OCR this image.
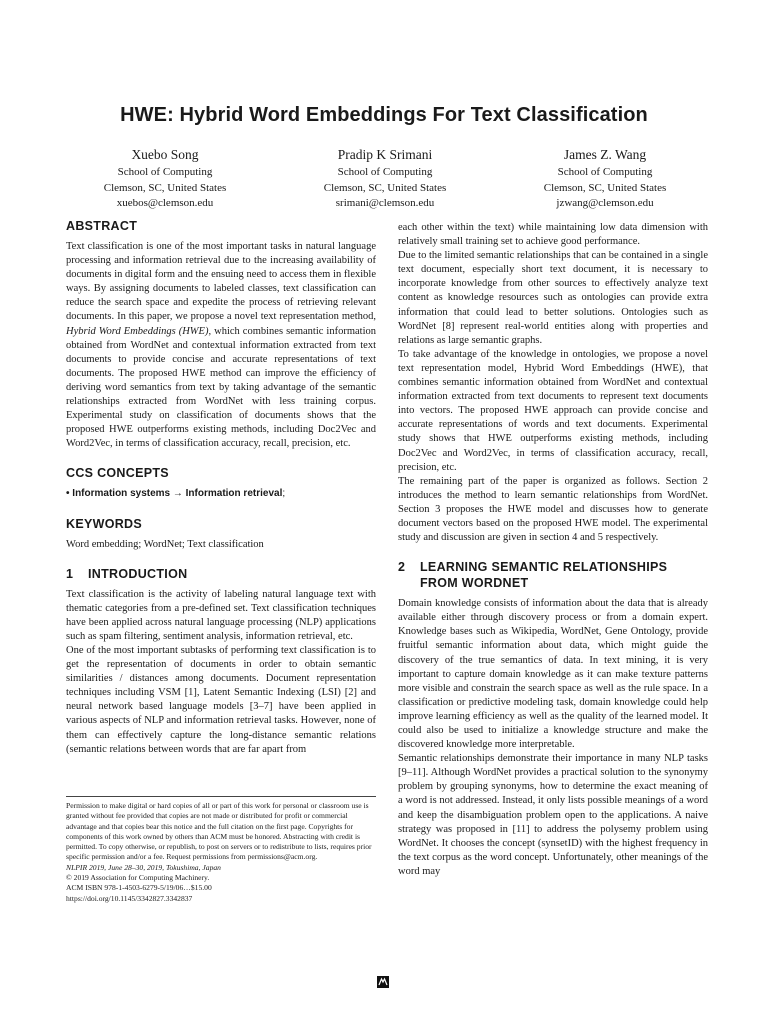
HWE: Hybrid Word Embeddings For Text Classification
Xuebo Song
School of Computing
Clemson, SC, United States
xuebos@clemson.edu
Pradip K Srimani
School of Computing
Clemson, SC, United States
srimani@clemson.edu
James Z. Wang
School of Computing
Clemson, SC, United States
jzwang@clemson.edu
ABSTRACT

Text classification is one of the most important tasks in natural language processing and information retrieval due to the increasing availability of documents in digital form and the ensuing need to access them in flexible ways. By assigning documents to labeled classes, text classification can reduce the search space and expedite the process of retrieving relevant documents. In this paper, we propose a novel text representation method, Hybrid Word Embeddings (HWE), which combines semantic information obtained from WordNet and contextual information extracted from text documents to provide concise and accurate representations of text documents. The proposed HWE method can improve the efficiency of deriving word semantics from text by taking advantage of the semantic relationships extracted from WordNet with less training corpus. Experimental study on classification of documents shows that the proposed HWE outperforms existing methods, including Doc2Vec and Word2Vec, in terms of classification accuracy, recall, precision, etc.

CCS CONCEPTS

• Information systems → Information retrieval;

KEYWORDS

Word embedding; WordNet; Text classification

1	INTRODUCTION

Text classification is the activity of labeling natural language text with thematic categories from a pre-defined set. Text classification techniques have been applied across natural language processing (NLP) applications such as spam filtering, sentiment analysis, information retrieval, etc.

One of the most important subtasks of performing text classification is to get the representation of documents in order to obtain semantic similarities / distances among documents. Document representation techniques including VSM [1], Latent Semantic Indexing (LSI) [2] and neural network based language models [3–7] have been applied in various aspects of NLP and information retrieval tasks. However, none of them can effectively capture the long-distance semantic relations (semantic relations between words that are far apart from

each other within the text) while maintaining low data dimension with relatively small training set to achieve good performance.

Due to the limited semantic relationships that can be contained in a single text document, especially short text document, it is necessary to incorporate knowledge from other sources to effectively analyze text content as knowledge resources such as ontologies can provide extra information that could lead to better solutions. Ontologies such as WordNet [8] represent real-world entities along with properties and relations as large semantic graphs.

To take advantage of the knowledge in ontologies, we propose a novel text representation model, Hybrid Word Embeddings (HWE), that combines semantic information obtained from WordNet and contextual information extracted from text documents to represent text documents into vectors. The proposed HWE approach can provide concise and accurate representations of words and text documents. Experimental study shows that HWE outperforms existing methods, including Doc2Vec and Word2Vec, in terms of classification accuracy, recall, precision, etc.

The remaining part of the paper is organized as follows. Section 2 introduces the method to learn semantic relationships from WordNet. Section 3 proposes the HWE model and discusses how to generate document vectors based on the proposed HWE model. The experimental study and discussion are given in section 4 and 5 respectively.

2	LEARNING SEMANTIC RELATIONSHIPS FROM WORDNET

Domain knowledge consists of information about the data that is already available either through discovery process or from a domain expert. Knowledge bases such as Wikipedia, WordNet, Gene Ontology, provide fruitful semantic information about data, which might guide the discovery of the true semantics of data. In text mining, it is very important to capture domain knowledge as it can make texture patterns more visible and constrain the search space as well as the rule space. In a classification or predictive modeling task, domain knowledge could help improve learning efficiency as well as the quality of the learned model. It could also be used to initialize a knowledge structure and make the discovered knowledge more interpretable.

Semantic relationships demonstrate their importance in many NLP tasks [9–11]. Although WordNet provides a practical solution to the synonymy problem by grouping synonyms, how to determine the exact meaning of a word is not addressed. Instead, it only lists possible meanings of a word and keep the disambiguation problem open to the applications. A naive strategy was proposed in [11] to address the polysemy problem using WordNet. It chooses the concept (synsetID) with the highest frequency in the text corpus as the word concept. Unfortunately, other meanings of the word may

Permission to make digital or hard copies of all or part of this work for personal or classroom use is granted without fee provided that copies are not made or distributed for profit or commercial advantage and that copies bear this notice and the full citation on the first page. Copyrights for components of this work owned by others than ACM must be honored. Abstracting with credit is permitted. To copy otherwise, or republish, to post on servers or to redistribute to lists, requires prior specific permission and/or a fee. Request permissions from permissions@acm.org.
NLPIR 2019, June 28–30, 2019, Tokushima, Japan
© 2019 Association for Computing Machinery.
ACM ISBN 978-1-4503-6279-5/19/06…$15.00
https://doi.org/10.1145/3342827.3342837
